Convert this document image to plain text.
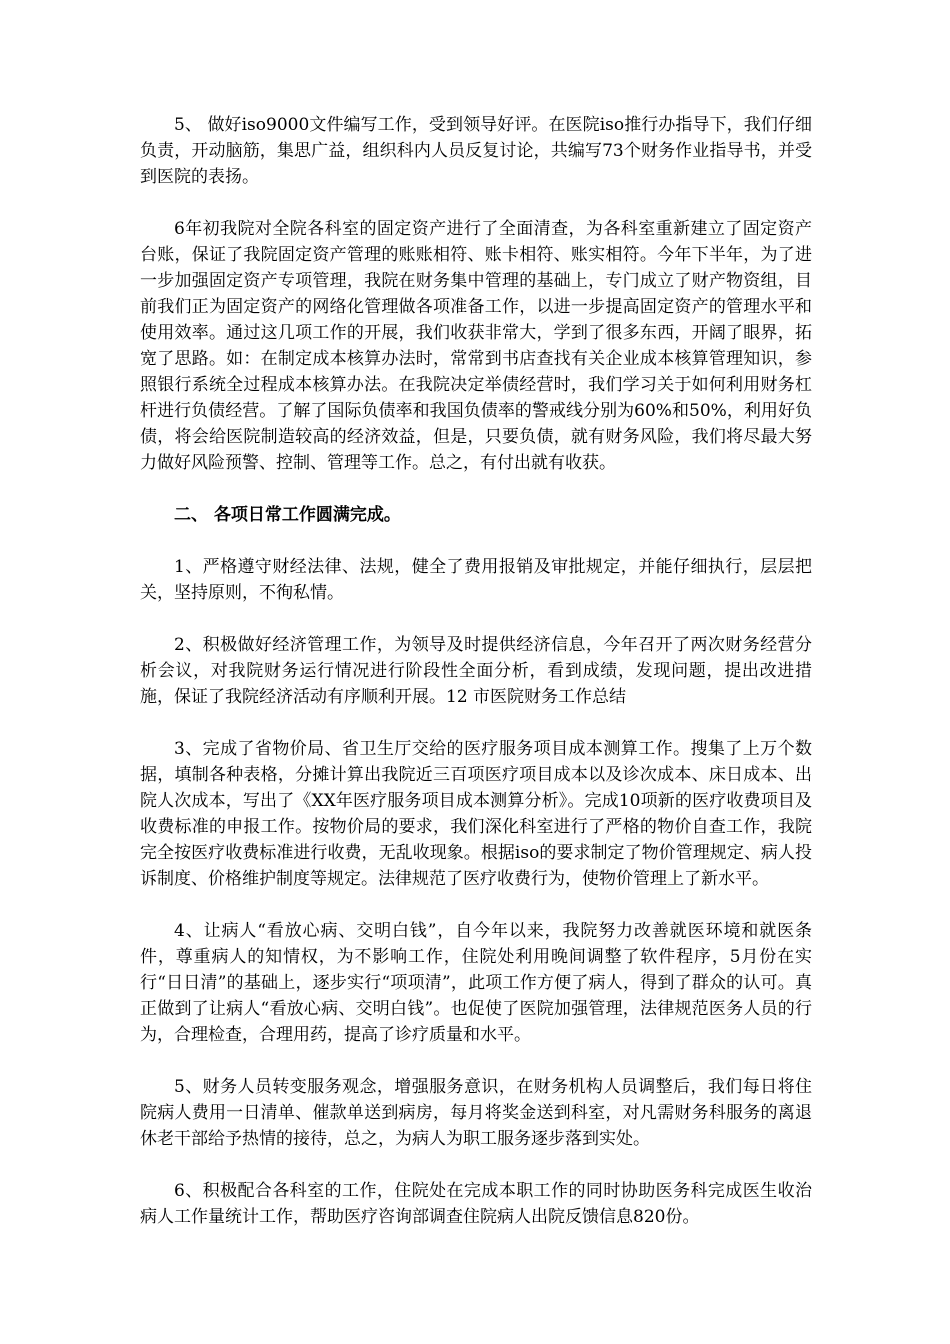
5、 做好iso9000文件编写工作，受到领导好评。在医院iso推行办指导下，我们仔细负责，开动脑筋，集思广益，组织科内人员反复讨论，共编写73个财务作业指导书，并受到医院的表扬。

6年初我院对全院各科室的固定资产进行了全面清查，为各科室重新建立了固定资产台账，保证了我院固定资产管理的账账相符、账卡相符、账实相符。今年下半年，为了进一步加强固定资产专项管理，我院在财务集中管理的基础上，专门成立了财产物资组，目前我们正为固定资产的网络化管理做各项准备工作，以进一步提高固定资产的管理水平和使用效率。通过这几项工作的开展，我们收获非常大，学到了很多东西，开阔了眼界，拓宽了思路。如：在制定成本核算办法时，常常到书店查找有关企业成本核算管理知识，参照银行系统全过程成本核算办法。在我院决定举债经营时，我们学习关于如何利用财务杠杆进行负债经营。了解了国际负债率和我国负债率的警戒线分别为60%和50%，利用好负债，将会给医院制造较高的经济效益，但是，只要负债，就有财务风险，我们将尽最大努力做好风险预警、控制、管理等工作。总之，有付出就有收获。

二、 各项日常工作圆满完成。

1、严格遵守财经法律、法规，健全了费用报销及审批规定，并能仔细执行，层层把关，坚持原则，不徇私情。

2、积极做好经济管理工作，为领导及时提供经济信息，今年召开了两次财务经营分析会议，对我院财务运行情况进行阶段性全面分析，看到成绩，发现问题，提出改进措施，保证了我院经济活动有序顺利开展。12 市医院财务工作总结

3、完成了省物价局、省卫生厅交给的医疗服务项目成本测算工作。搜集了上万个数据，填制各种表格，分摊计算出我院近三百项医疗项目成本以及诊次成本、床日成本、出院人次成本，写出了《XX年医疗服务项目成本测算分析》。完成10项新的医疗收费项目及收费标准的申报工作。按物价局的要求，我们深化科室进行了严格的物价自查工作，我院完全按医疗收费标准进行收费，无乱收现象。根据iso的要求制定了物价管理规定、病人投诉制度、价格维护制度等规定。法律规范了医疗收费行为，使物价管理上了新水平。

4、让病人“看放心病、交明白钱”，自今年以来，我院努力改善就医环境和就医条件，尊重病人的知情权，为不影响工作，住院处利用晚间调整了软件程序，5月份在实行“日日清”的基础上，逐步实行“项项清”，此项工作方便了病人，得到了群众的认可。真正做到了让病人“看放心病、交明白钱”。也促使了医院加强管理，法律规范医务人员的行为，合理检查，合理用药，提高了诊疗质量和水平。

5、财务人员转变服务观念，增强服务意识，在财务机构人员调整后，我们每日将住院病人费用一日清单、催款单送到病房，每月将奖金送到科室，对凡需财务科服务的离退休老干部给予热情的接待，总之，为病人为职工服务逐步落到实处。

6、积极配合各科室的工作，住院处在完成本职工作的同时协助医务科完成医生收治病人工作量统计工作，帮助医疗咨询部调查住院病人出院反馈信息820份。
